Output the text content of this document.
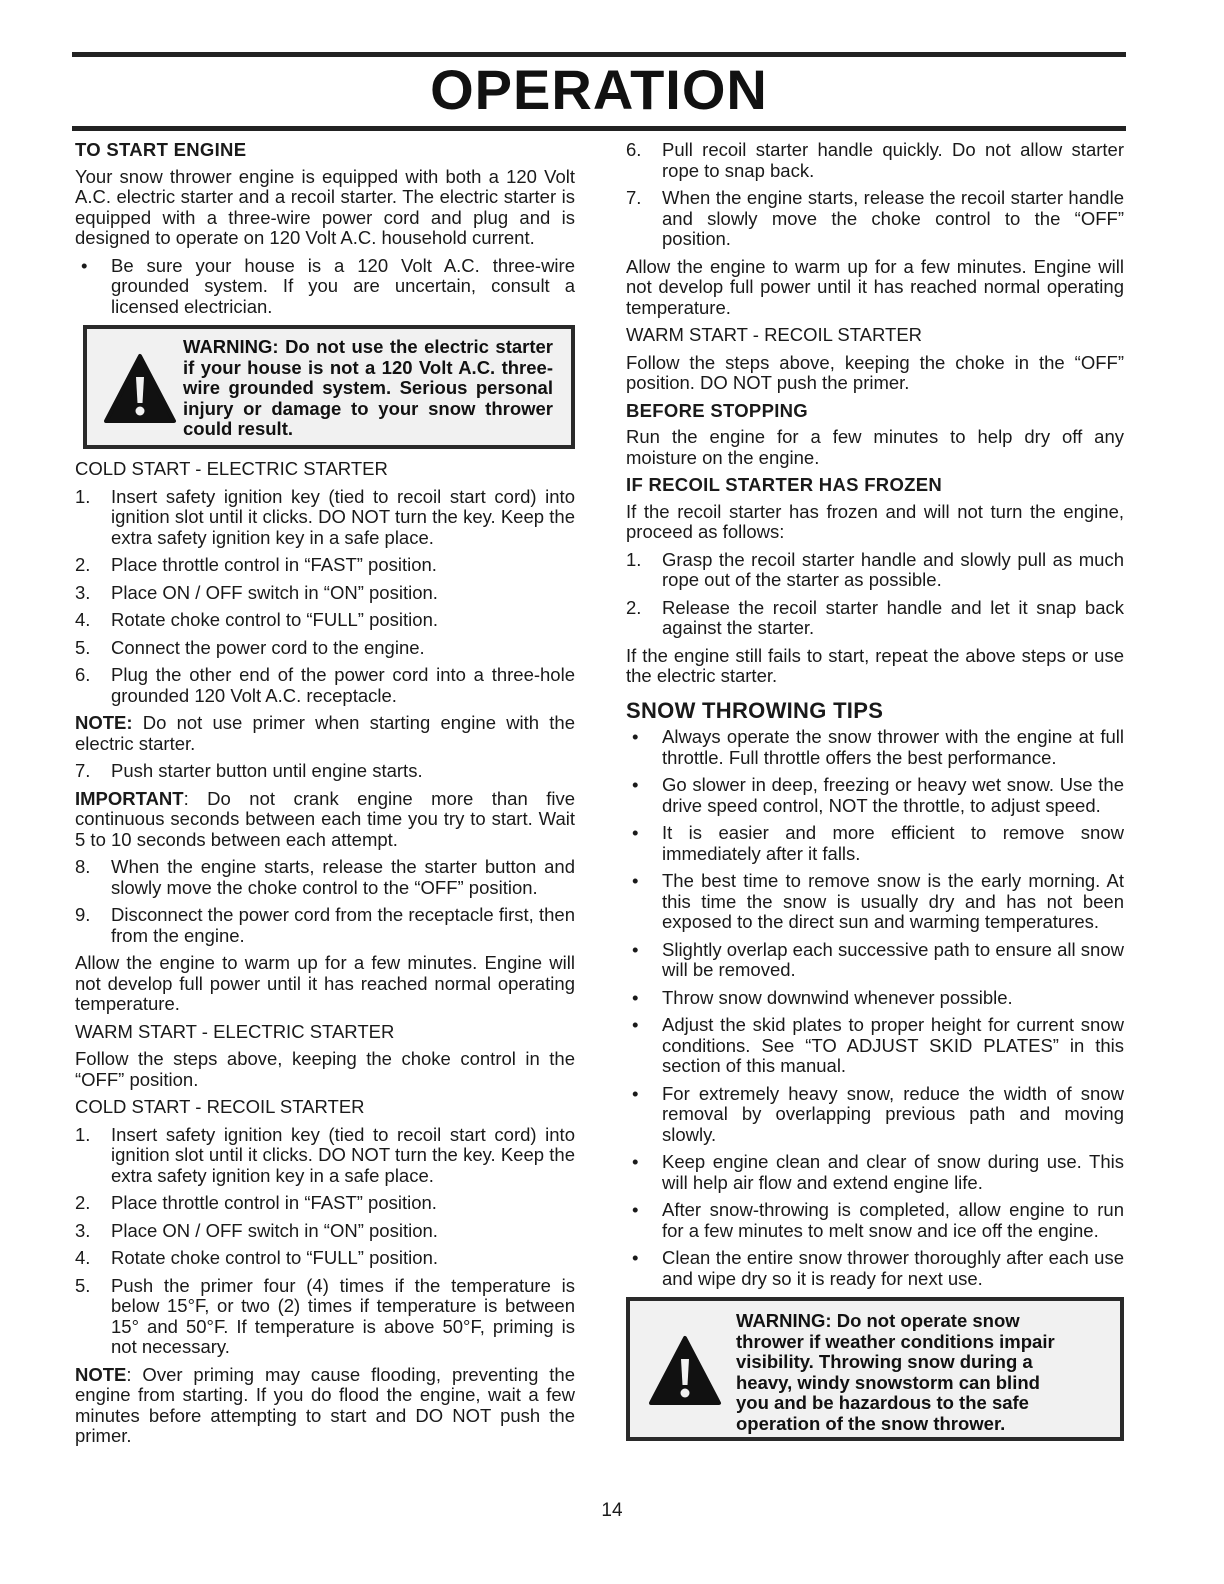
OPERATION
TO START ENGINE

Your snow thrower engine is equipped with both a 120 Volt A.C. electric starter and a recoil starter. The electric starter is equipped with a three-wire power cord and plug and is designed to operate on 120 Volt A.C. household current.

•	Be sure your house is a 120 Volt A.C. three-wire grounded system. If you are uncertain, consult a licensed electrician.
WARNING: Do not use the electric starter if your house is not a 120 Volt A.C. three-wire grounded system. Serious personal injury or damage to your snow thrower could result.

COLD START - ELECTRIC STARTER

1.	Insert safety ignition key (tied to recoil start cord) into ignition slot until it clicks. DO NOT turn the key. Keep the extra safety ignition key in a safe place.
2.	Place throttle control in “FAST” position.
3.	Place ON / OFF switch in “ON” position.
4.	Rotate choke control to “FULL” position.
5.	Connect the power cord to the engine.
6.	Plug the other end of the power cord into a three-hole grounded 120 Volt A.C. receptacle.

NOTE: Do not use primer when starting engine with the electric starter.

7.	Push starter button until engine starts.

IMPORTANT: Do not crank engine more than five continuous seconds between each time you try to start. Wait 5 to 10 seconds between each attempt.

8.	When the engine starts, release the starter button and slowly move the choke control to the “OFF” position.
9.	Disconnect the power cord from the receptacle first, then from the engine.

Allow the engine to warm up for a few minutes. Engine will not develop full power until it has reached normal operating temperature.

WARM START - ELECTRIC STARTER

Follow the steps above, keeping the choke control in the “OFF” position.

COLD START - RECOIL STARTER

1.	Insert safety ignition key (tied to recoil start cord) into ignition slot until it clicks. DO NOT turn the key. Keep the extra safety ignition key in a safe place.
2.	Place throttle control in “FAST” position.
3.	Place ON / OFF switch in “ON” position.
4.	Rotate choke control to “FULL” position.
5.	Push the primer four (4) times if the temperature is below 15°F, or two (2) times if temperature is between 15° and 50°F. If temperature is above 50°F, priming is not necessary.

NOTE: Over priming may cause flooding, preventing the engine from starting. If you do flood the engine, wait a few minutes before attempting to start and DO NOT push the primer.

6.	Pull recoil starter handle quickly. Do not allow starter rope to snap back.
7.	When the engine starts, release the recoil starter handle and slowly move the choke control to the “OFF” position.

Allow the engine to warm up for a few minutes. Engine will not develop full power until it has reached normal operating temperature.

WARM START - RECOIL STARTER

Follow the steps above, keeping the choke in the “OFF” position. DO NOT push the primer.

BEFORE STOPPING

Run the engine for a few minutes to help dry off any moisture on the engine.

IF RECOIL STARTER HAS FROZEN

If the recoil starter has frozen and will not turn the engine, proceed as follows:

1.	Grasp the recoil starter handle and slowly pull as much rope out of the starter as possible.
2.	Release the recoil starter handle and let it snap back against the starter.

If the engine still fails to start, repeat the above steps or use the electric starter.

SNOW THROWING TIPS
•	Always operate the snow thrower with the engine at full throttle. Full throttle offers the best performance.
•	Go slower in deep, freezing or heavy wet snow. Use the drive speed control, NOT the throttle, to adjust speed.
•	It is easier and more efficient to remove snow immediately after it falls.
•	The best time to remove snow is the early morning. At this time the snow is usually dry and has not been exposed to the direct sun and warming temperatures.
•	Slightly overlap each successive path to ensure all snow will be removed.
•	Throw snow downwind whenever possible.
•	Adjust the skid plates to proper height for current snow conditions. See “TO ADJUST SKID PLATES” in this section of this manual.
•	For extremely heavy snow, reduce the width of snow removal by overlapping previous path and moving slowly.
•	Keep engine clean and clear of snow during use. This will help air flow and extend engine life.
•	After snow-throwing is completed, allow engine to run for a few minutes to melt snow and ice off the engine.
•	Clean the entire snow thrower thoroughly after each use and wipe dry so it is ready for next use.
WARNING: Do not operate snow thrower if weather conditions impair visibility. Throwing snow during a heavy, windy snowstorm can blind you and be hazardous to the safe operation of the snow thrower.
14
